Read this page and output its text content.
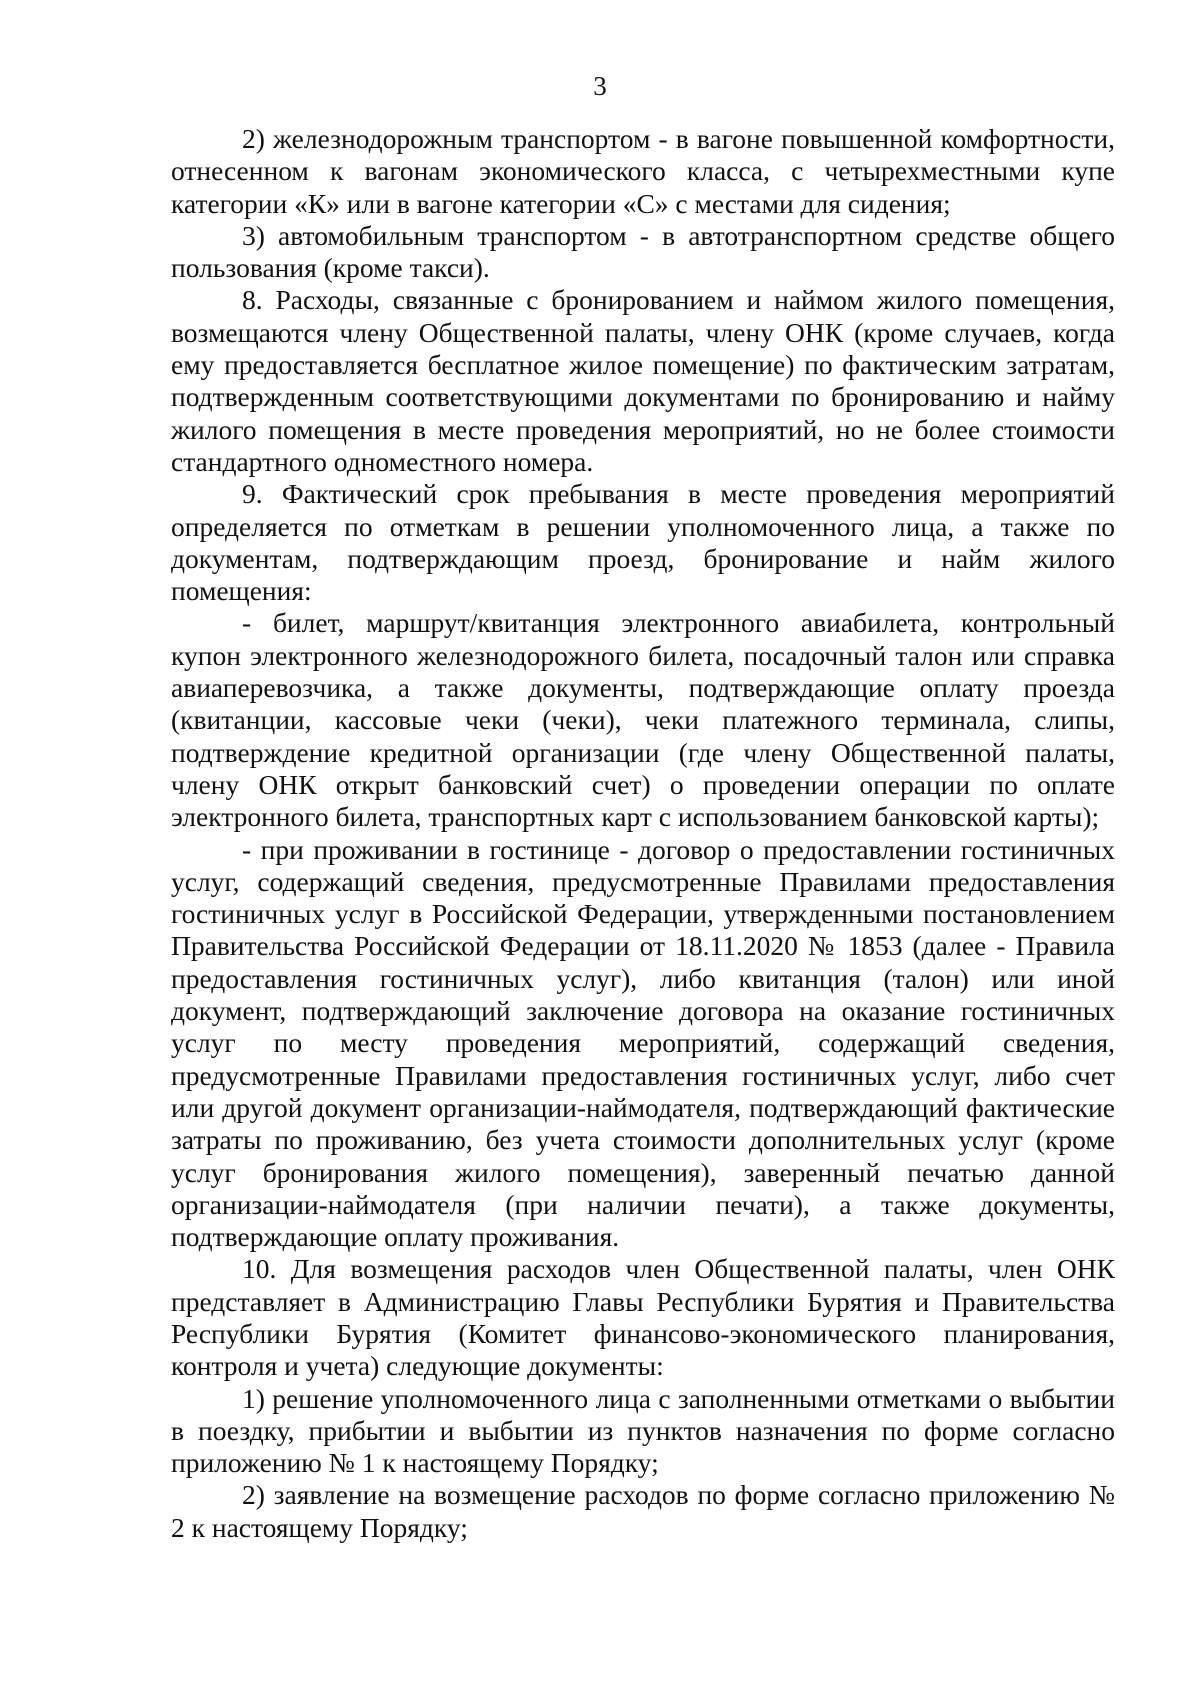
3

2) железнодорожным транспортом - в вагоне повышенной комфортности, отнесенном к вагонам экономического класса, с четырехместными купе категории «К» или в вагоне категории «С» с местами для сидения;

3) автомобильным транспортом - в автотранспортном средстве общего пользования (кроме такси).

8. Расходы, связанные с бронированием и наймом жилого помещения, возмещаются члену Общественной палаты, члену ОНК (кроме случаев, когда ему предоставляется бесплатное жилое помещение) по фактическим затратам, подтвержденным соответствующими документами по бронированию и найму жилого помещения в месте проведения мероприятий, но не более стоимости стандартного одноместного номера.

9. Фактический срок пребывания в месте проведения мероприятий определяется по отметкам в решении уполномоченного лица, а также по документам, подтверждающим проезд, бронирование и найм жилого помещения:

- билет, маршрут/квитанция электронного авиабилета, контрольный купон электронного железнодорожного билета, посадочный талон или справка авиаперевозчика, а также документы, подтверждающие оплату проезда (квитанции, кассовые чеки (чеки), чеки платежного терминала, слипы, подтверждение кредитной организации (где члену Общественной палаты, члену ОНК открыт банковский счет) о проведении операции по оплате электронного билета, транспортных карт с использованием банковской карты);

- при проживании в гостинице - договор о предоставлении гостиничных услуг, содержащий сведения, предусмотренные Правилами предоставления гостиничных услуг в Российской Федерации, утвержденными постановлением Правительства Российской Федерации от 18.11.2020 № 1853 (далее - Правила предоставления гостиничных услуг), либо квитанция (талон) или иной документ, подтверждающий заключение договора на оказание гостиничных услуг по месту проведения мероприятий, содержащий сведения, предусмотренные Правилами предоставления гостиничных услуг, либо счет или другой документ организации-наймодателя, подтверждающий фактические затраты по проживанию, без учета стоимости дополнительных услуг (кроме услуг бронирования жилого помещения), заверенный печатью данной организации-наймодателя (при наличии печати), а также документы, подтверждающие оплату проживания.

10. Для возмещения расходов член Общественной палаты, член ОНК представляет в Администрацию Главы Республики Бурятия и Правительства Республики Бурятия (Комитет финансово-экономического планирования, контроля и учета) следующие документы:

1) решение уполномоченного лица с заполненными отметками о выбытии в поездку, прибытии и выбытии из пунктов назначения по форме согласно приложению № 1 к настоящему Порядку;

2) заявление на возмещение расходов по форме согласно приложению № 2 к настоящему Порядку;
